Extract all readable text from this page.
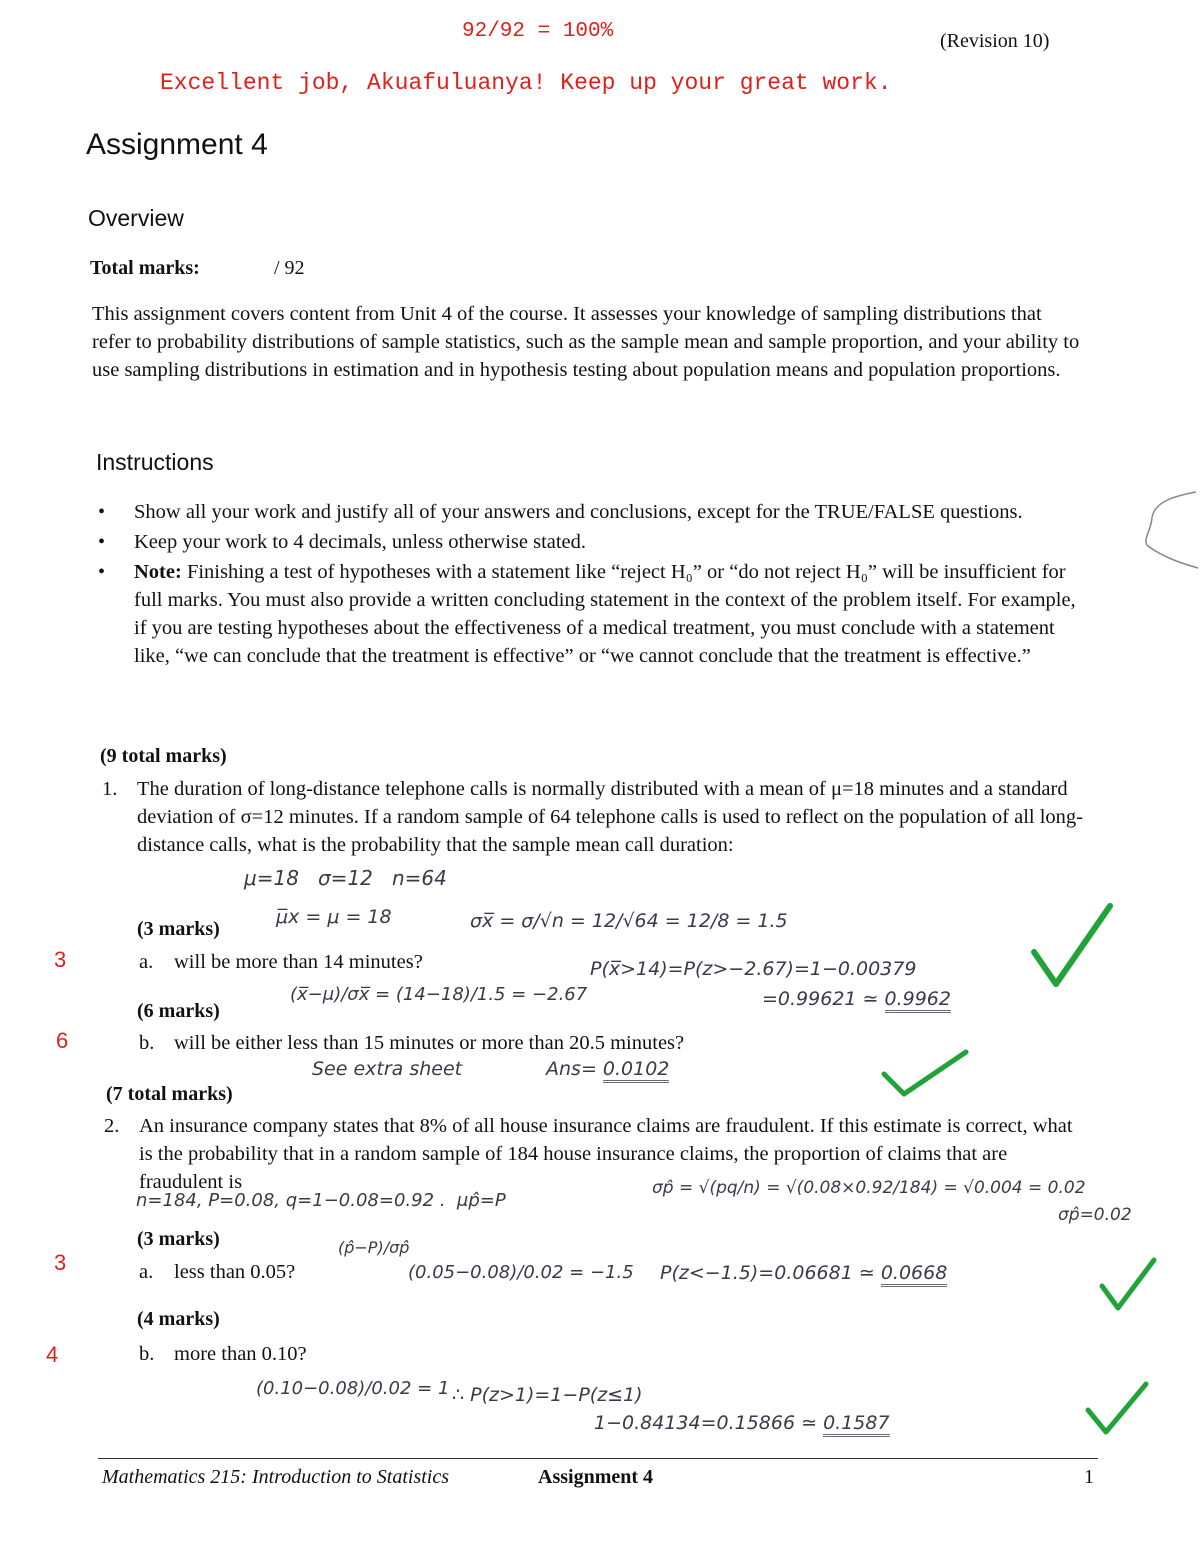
92/92 = 100%	(Revision 10)
Excellent job, Akuafuluanya! Keep up your great work.
Assignment 4
Overview
Total marks:	/ 92
This assignment covers content from Unit 4 of the course. It assesses your knowledge of sampling distributions that refer to probability distributions of sample statistics, such as the sample mean and sample proportion, and your ability to use sampling distributions in estimation and in hypothesis testing about population means and population proportions.
Instructions
• Show all your work and justify all of your answers and conclusions, except for the TRUE/FALSE questions.
• Keep your work to 4 decimals, unless otherwise stated.
• Note: Finishing a test of hypotheses with a statement like “reject H₀” or “do not reject H₀” will be insufficient for full marks. You must also provide a written concluding statement in the context of the problem itself. For example, if you are testing hypotheses about the effectiveness of a medical treatment, you must conclude with a statement like, “we can conclude that the treatment is effective” or “we cannot conclude that the treatment is effective.”
(9 total marks)
1. The duration of long-distance telephone calls is normally distributed with a mean of μ=18 minutes and a standard deviation of σ=12 minutes. If a random sample of 64 telephone calls is used to reflect on the population of all long-distance calls, what is the probability that the sample mean call duration:
μ=18   σ=12   n=64
(3 marks)
μ̅x = μ = 18	σx̅ = σ/√n = 12/√64 = 12/8 = 1.5
3	a. will be more than 14 minutes?	P(x̅>14)=P(z>−2.67)=1−0.00379
(x̅−μ)/σx̅ = (14−18)/1.5 = −2.67	=0.99621 ≃ 0.9962
(6 marks)
6	b. will be either less than 15 minutes or more than 20.5 minutes?
See extra sheet	Ans= 0.0102
(7 total marks)
2. An insurance company states that 8% of all house insurance claims are fraudulent. If this estimate is correct, what is the probability that in a random sample of 184 house insurance claims, the proportion of claims that are fraudulent is
n=184, P=0.08, q=1−0.08=0.92 .  μp̂=P
σp̂ = √(pq/n) = √(0.08×0.92/184) = √0.004 = 0.02
σp̂=0.02
(3 marks)	(p̂−P)/σp̂
3	a. less than 0.05?	(0.05−0.08)/0.02 = −1.5 P(z<−1.5)=0.06681 ≃ 0.0668
(4 marks)
4	b. more than 0.10?
(0.10−0.08)/0.02 = 1 ∴ P(z>1)=1−P(z≤1)
1−0.84134=0.15866 ≃ 0.1587
Mathematics 215: Introduction to Statistics	Assignment 4	1
